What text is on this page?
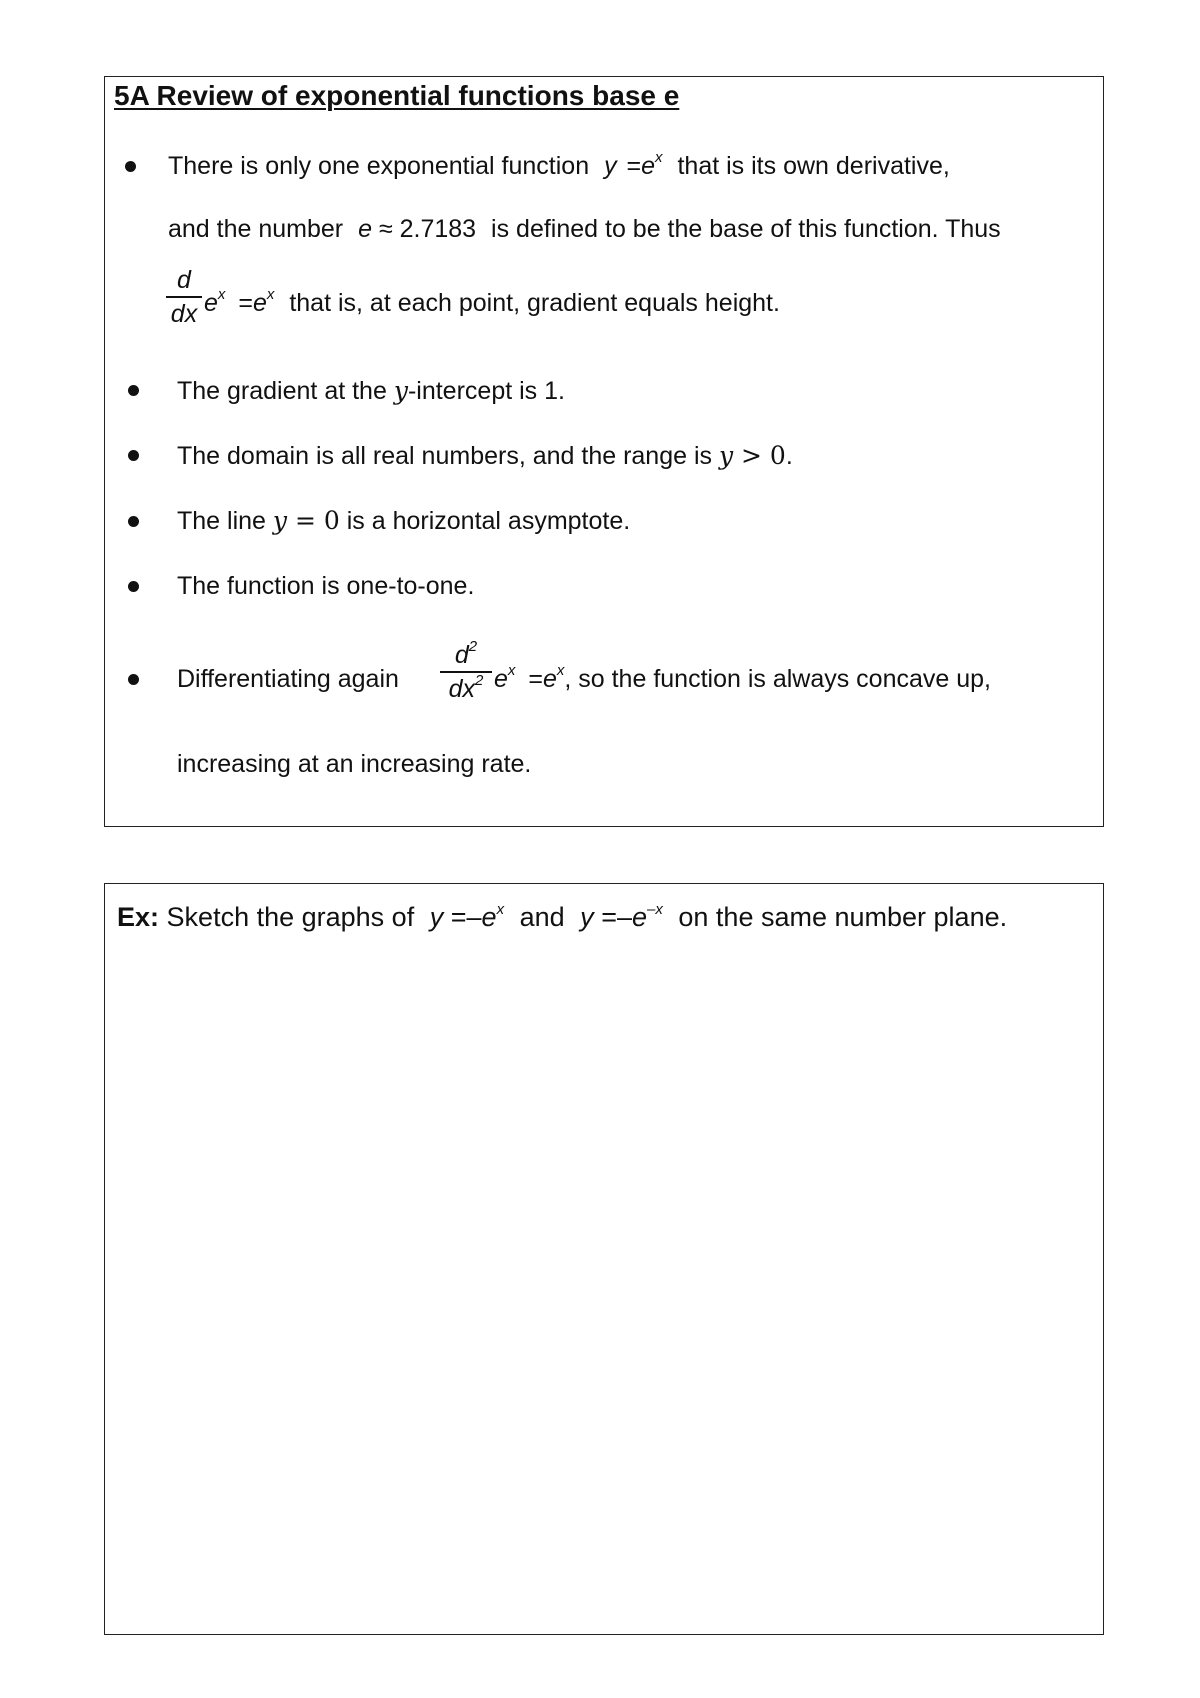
5A Review of exponential functions base e
There is only one exponential function $y =e^x$ that is its own derivative,
and the number e ≈ 2.7183 is defined to be the base of this function. Thus
d
dx $e^x =e^x$ that is, at each point, gradient equals height.
The gradient at the y-intercept is 1.
The domain is all real numbers, and the range is y > 0.
The line y = 0 is a horizontal asymptote.
The function is one-to-one.
Differentiating again
$d^2$
$dx^2$ $e^x =e^x$, so the function is always concave up,
increasing at an increasing rate.
Ex: Sketch the graphs of $y =-e^x$ and $y =-e^{-x}$ on the same number plane.
